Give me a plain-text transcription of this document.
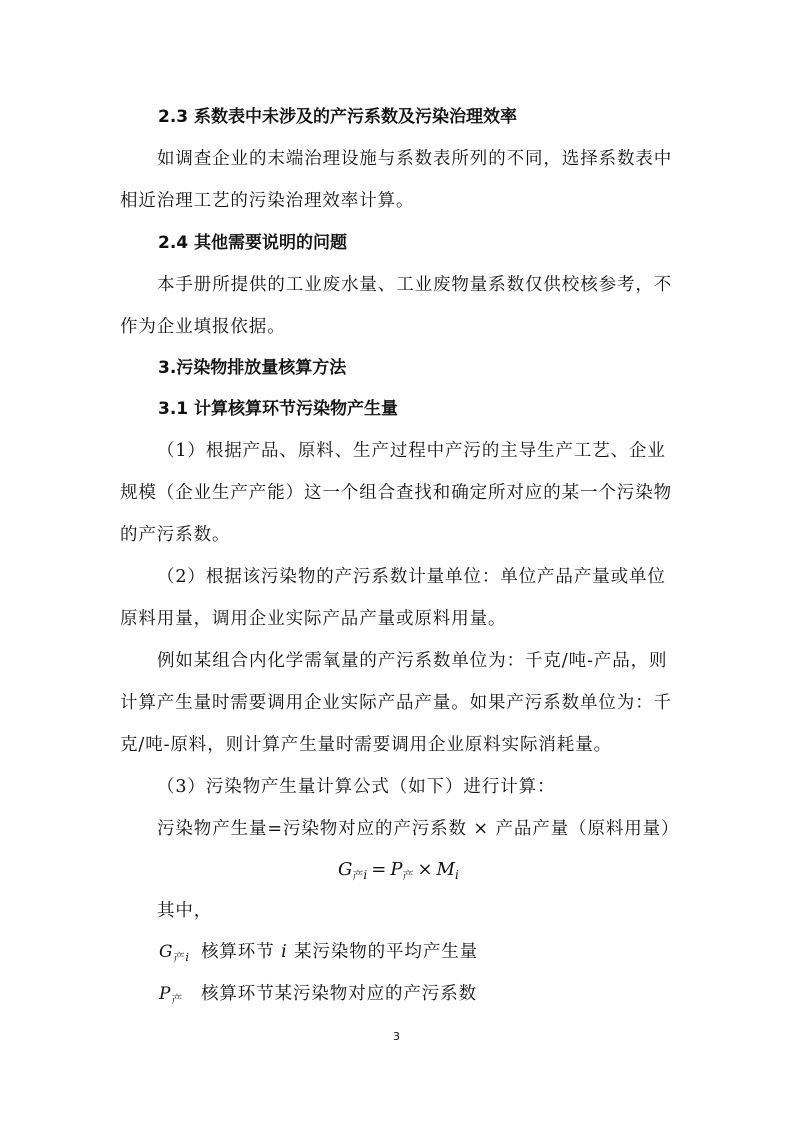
2.3 系数表中未涉及的产污系数及污染治理效率
如调查企业的末端治理设施与系数表所列的不同，选择系数表中
相近治理工艺的污染治理效率计算。
2.4 其他需要说明的问题
本手册所提供的工业废水量、工业废物量系数仅供校核参考，不
作为企业填报依据。
3.污染物排放量核算方法
3.1 计算核算环节污染物产生量
（1）根据产品、原料、生产过程中产污的主导生产工艺、企业
规模（企业生产产能）这一个组合查找和确定所对应的某一个污染物
的产污系数。
（2）根据该污染物的产污系数计量单位：单位产品产量或单位
原料用量，调用企业实际产品产量或原料用量。
例如某组合内化学需氧量的产污系数单位为：千克/吨-产品，则
计算产生量时需要调用企业实际产品产量。如果产污系数单位为：千
克/吨-原料，则计算产生量时需要调用企业原料实际消耗量。
（3）污染物产生量计算公式（如下）进行计算：
污染物产生量=污染物对应的产污系数 × 产品产量（原料用量）
$G_{产i} = P_产 \times M_i$
其中，
$G_{产i}$ 核算环节 i 某污染物的平均产生量
$P_产$ 核算环节某污染物对应的产污系数
3
